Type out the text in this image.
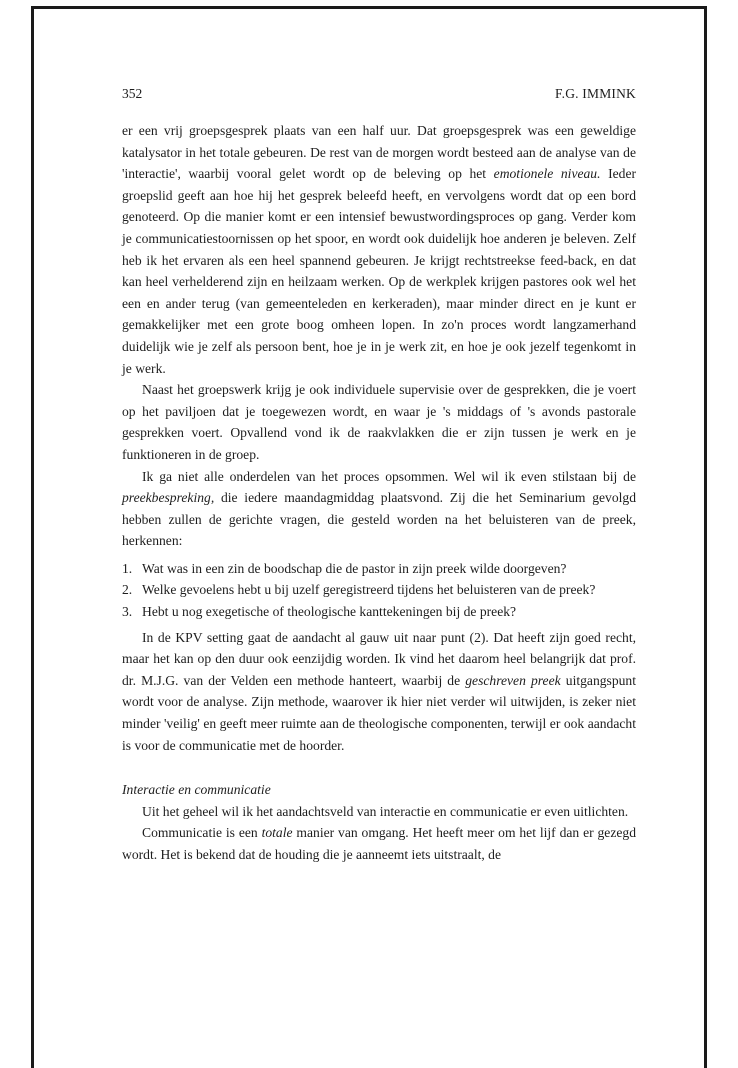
352	F.G. IMMINK

er een vrij groepsgesprek plaats van een half uur. Dat groepsgesprek was een geweldige katalysator in het totale gebeuren. De rest van de morgen wordt besteed aan de analyse van de 'interactie', waarbij vooral gelet wordt op de beleving op het emotionele niveau. Ieder groepslid geeft aan hoe hij het gesprek beleefd heeft, en vervolgens wordt dat op een bord genoteerd. Op die manier komt er een intensief bewustwordingsproces op gang. Verder kom je communicatiestoornissen op het spoor, en wordt ook duidelijk hoe anderen je beleven. Zelf heb ik het ervaren als een heel spannend gebeuren. Je krijgt rechtstreekse feed-back, en dat kan heel verhelderend zijn en heilzaam werken. Op de werkplek krijgen pastores ook wel het een en ander terug (van gemeenteleden en kerkeraden), maar minder direct en je kunt er gemakkelijker met een grote boog omheen lopen. In zo'n proces wordt langzamerhand duidelijk wie je zelf als persoon bent, hoe je in je werk zit, en hoe je ook jezelf tegenkomt in je werk.

Naast het groepswerk krijg je ook individuele supervisie over de gesprekken, die je voert op het paviljoen dat je toegewezen wordt, en waar je 's middags of 's avonds pastorale gesprekken voert. Opvallend vond ik de raakvlakken die er zijn tussen je werk en je funktioneren in de groep.

Ik ga niet alle onderdelen van het proces opsommen. Wel wil ik even stilstaan bij de preekbespreking, die iedere maandagmiddag plaatsvond. Zij die het Seminarium gevolgd hebben zullen de gerichte vragen, die gesteld worden na het beluisteren van de preek, herkennen:

1. Wat was in een zin de boodschap die de pastor in zijn preek wilde doorgeven?
2. Welke gevoelens hebt u bij uzelf geregistreerd tijdens het beluisteren van de preek?
3. Hebt u nog exegetische of theologische kanttekeningen bij de preek?

In de KPV setting gaat de aandacht al gauw uit naar punt (2). Dat heeft zijn goed recht, maar het kan op den duur ook eenzijdig worden. Ik vind het daarom heel belangrijk dat prof. dr. M.J.G. van der Velden een methode hanteert, waarbij de geschreven preek uitgangspunt wordt voor de analyse. Zijn methode, waarover ik hier niet verder wil uitwijden, is zeker niet minder 'veilig' en geeft meer ruimte aan de theologische componenten, terwijl er ook aandacht is voor de communicatie met de hoorder.

Interactie en communicatie

Uit het geheel wil ik het aandachtsveld van interactie en communicatie er even uitlichten.

Communicatie is een totale manier van omgang. Het heeft meer om het lijf dan er gezegd wordt. Het is bekend dat de houding die je aanneemt iets uitstraalt, de
